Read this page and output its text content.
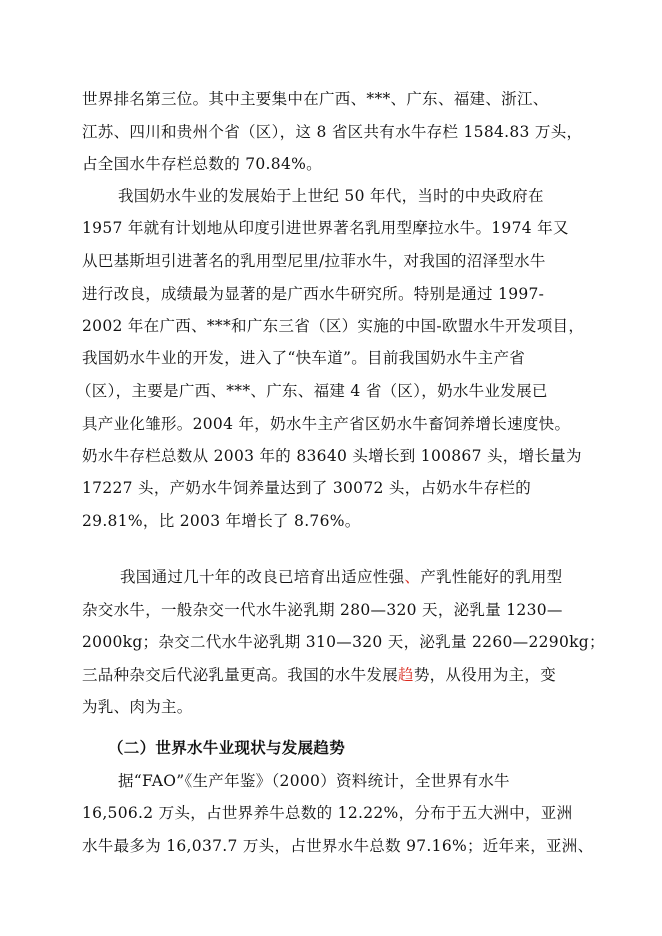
世界排名第三位。其中主要集中在广西、***、广东、福建、浙江、
江苏、四川和贵州个省（区），这 8 省区共有水牛存栏 1584.83 万头，
占全国水牛存栏总数的 70.84%。
我国奶水牛业的发展始于上世纪 50 年代，当时的中央政府在
1957 年就有计划地从印度引进世界著名乳用型摩拉水牛。1974 年又
从巴基斯坦引进著名的乳用型尼里/拉菲水牛，对我国的沼泽型水牛
进行改良，成绩最为显著的是广西水牛研究所。特别是通过 1997-
2002 年在广西、***和广东三省（区）实施的中国-欧盟水牛开发项目，
我国奶水牛业的开发，进入了“快车道”。目前我国奶水牛主产省
（区），主要是广西、***、广东、福建 4 省（区），奶水牛业发展已
具产业化雏形。2004 年，奶水牛主产省区奶水牛畜饲养增长速度快。
奶水牛存栏总数从 2003 年的 83640 头增长到 100867 头，增长量为
17227 头，产奶水牛饲养量达到了 30072 头，占奶水牛存栏的
29.81%，比 2003 年增长了 8.76%。
我国通过几十年的改良已培育出适应性强、产乳性能好的乳用型
杂交水牛，一般杂交一代水牛泌乳期 280—320 天，泌乳量 1230—
2000kg；杂交二代水牛泌乳期 310—320 天，泌乳量 2260—2290kg；
三品种杂交后代泌乳量更高。我国的水牛发展趋势，从役用为主，变
为乳、肉为主。
（二）世界水牛业现状与发展趋势
据“FAO”《生产年鉴》（2000）资料统计，全世界有水牛
16,506.2 万头，占世界养牛总数的 12.22%，分布于五大洲中，亚洲
水牛最多为 16,037.7 万头，占世界水牛总数 97.16%；近年来，亚洲、
